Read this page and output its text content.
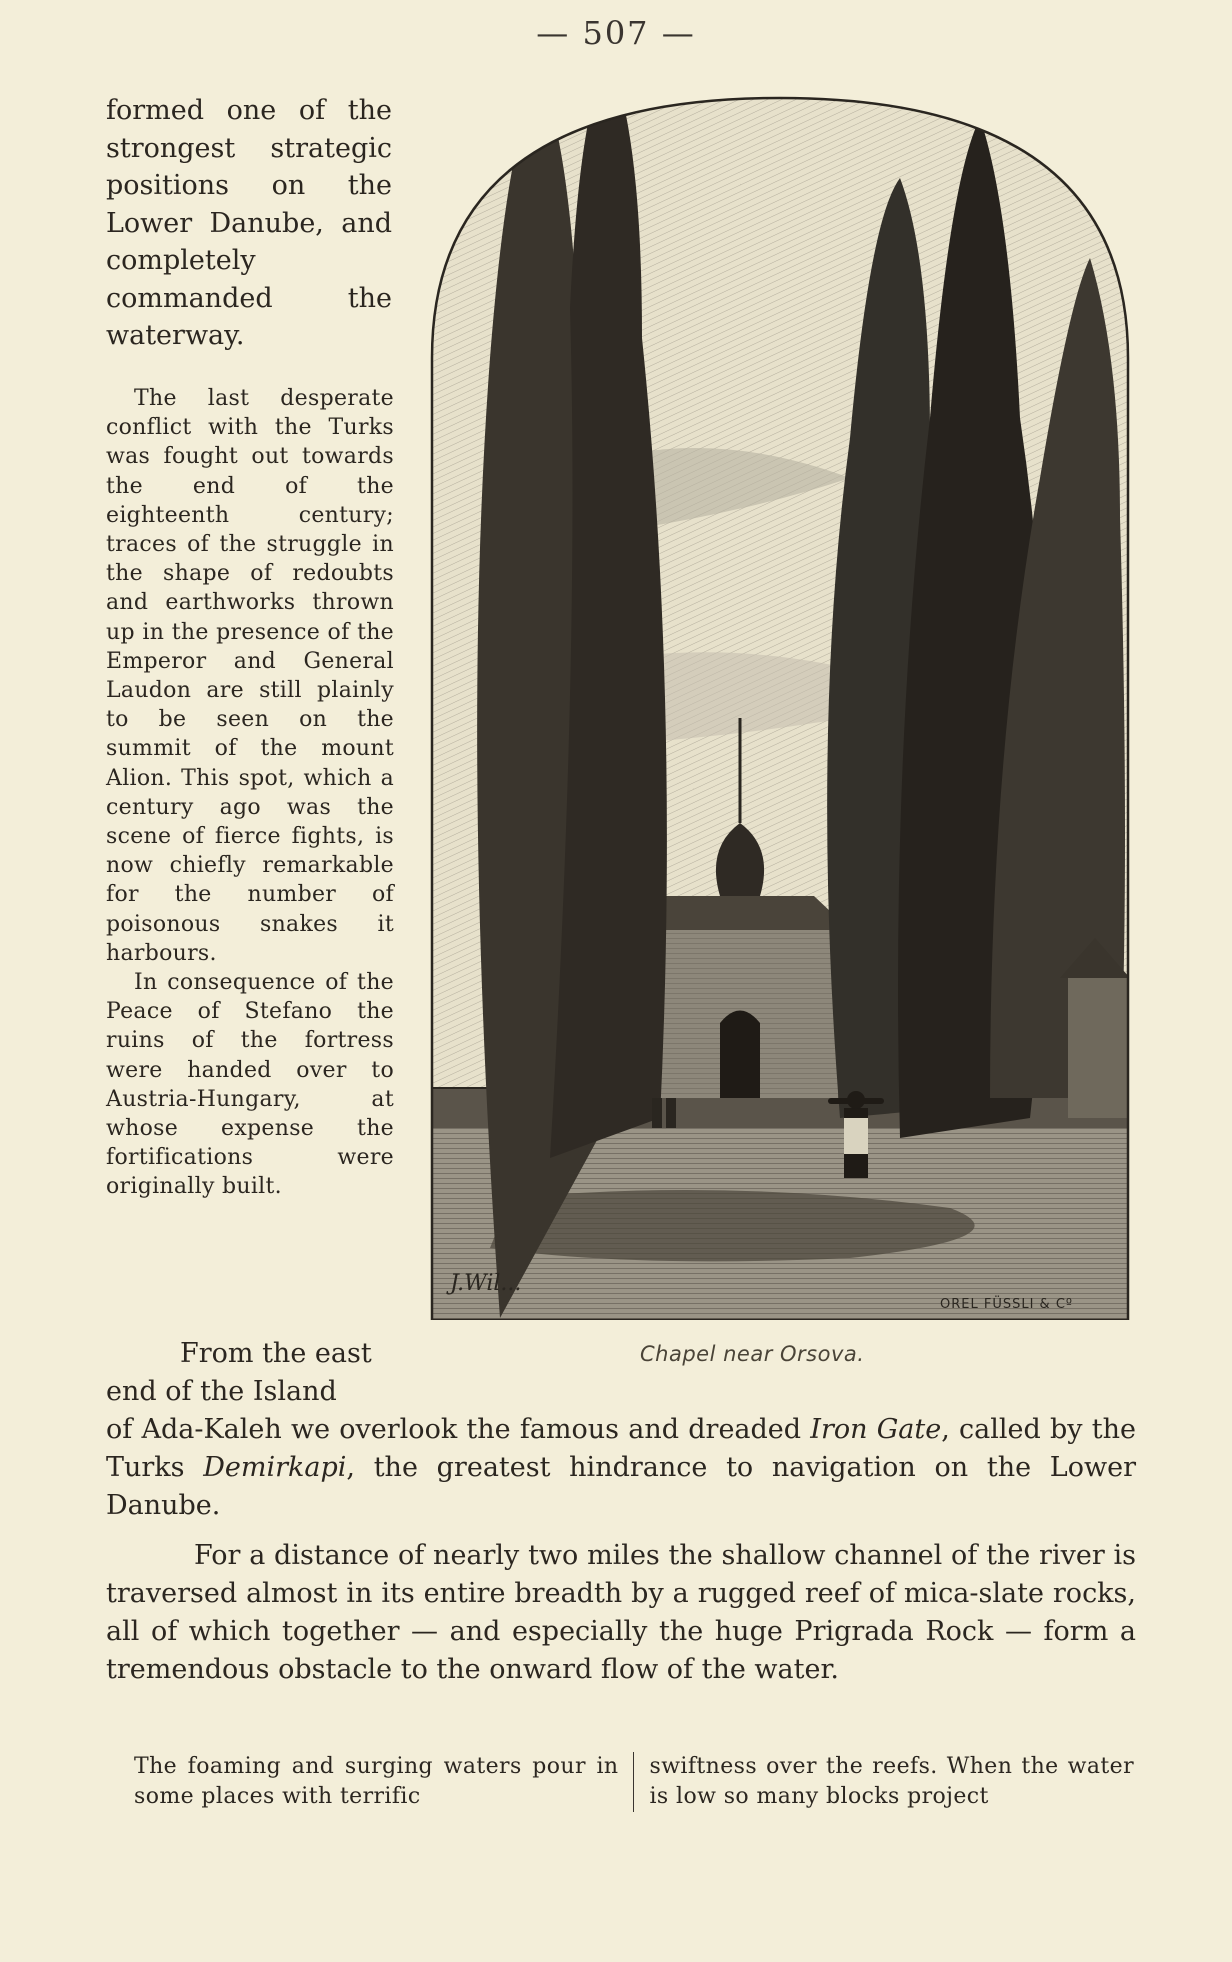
— 507 —
formed one of the strongest strategic positions on the Lower Danube, and completely commanded the waterway.

The last desperate conflict with the Turks was fought out towards the end of the eighteenth century; traces of the struggle in the shape of redoubts and earthworks thrown up in the presence of the Emperor and General Laudon are still plainly to be seen on the summit of the mount Alion. This spot, which a century ago was the scene of fierce fights, is now chiefly remarkable for the number of poisonous snakes it harbours.

In consequence of the Peace of Stefano the ruins of the fortress were handed over to Austria-Hungary, at whose expense the fortifications were originally built.

J.Wil...
OREL FÜSSLI & Cº
Chapel near Orsova.

From the east
end of the Island
of Ada-Kaleh we overlook the famous and dreaded Iron Gate, called by the Turks Demirkapi, the greatest hindrance to navigation on the Lower Danube.

For a distance of nearly two miles the shallow channel of the river is traversed almost in its entire breadth by a rugged reef of mica-slate rocks, all of which together — and especially the huge Prigrada Rock — form a tremendous obstacle to the onward flow of the water.

The foaming and surging waters pour in some places with terrific
swiftness over the reefs. When the water is low so many blocks project
